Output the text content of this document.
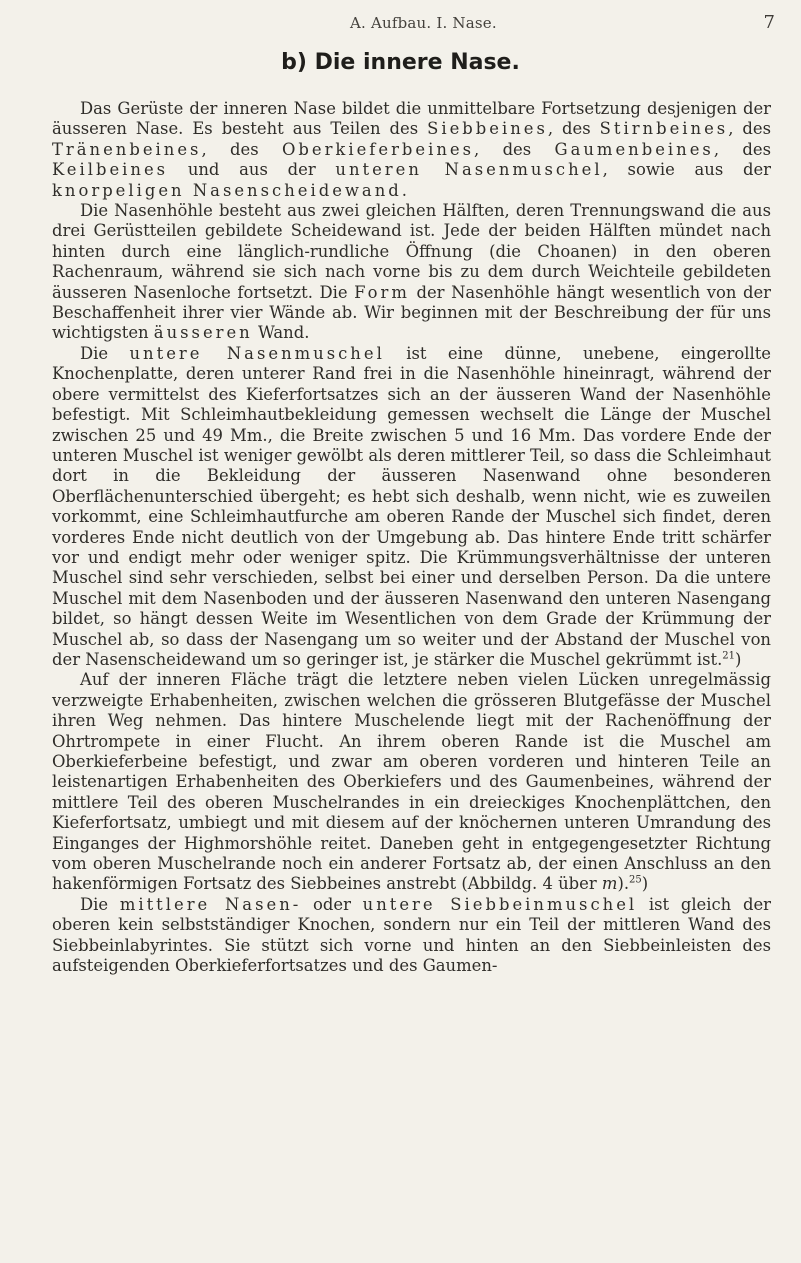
A. Aufbau. I. Nase.	7
b) Die innere Nase.

Das Gerüste der inneren Nase bildet die unmittelbare Fortsetzung desjenigen der äusseren Nase. Es besteht aus Teilen des Siebbeines, des Stirnbeines, des Tränenbeines, des Oberkieferbeines, des Gaumenbeines, des Keilbeines und aus der unteren Nasenmuschel, sowie aus der knorpeligen Nasenscheidewand.

Die Nasenhöhle besteht aus zwei gleichen Hälften, deren Trennungswand die aus drei Gerüstteilen gebildete Scheidewand ist. Jede der beiden Hälften mündet nach hinten durch eine länglich-rundliche Öffnung (die Choanen) in den oberen Rachenraum, während sie sich nach vorne bis zu dem durch Weichteile gebildeten äusseren Nasenloche fortsetzt. Die Form der Nasenhöhle hängt wesentlich von der Beschaffenheit ihrer vier Wände ab. Wir beginnen mit der Beschreibung der für uns wichtigsten äusseren Wand.

Die untere Nasenmuschel ist eine dünne, unebene, eingerollte Knochenplatte, deren unterer Rand frei in die Nasenhöhle hineinragt, während der obere vermittelst des Kieferfortsatzes sich an der äusseren Wand der Nasenhöhle befestigt. Mit Schleimhautbekleidung gemessen wechselt die Länge der Muschel zwischen 25 und 49 Mm., die Breite zwischen 5 und 16 Mm. Das vordere Ende der unteren Muschel ist weniger gewölbt als deren mittlerer Teil, so dass die Schleimhaut dort in die Bekleidung der äusseren Nasenwand ohne besonderen Oberflächenunterschied übergeht; es hebt sich deshalb, wenn nicht, wie es zuweilen vorkommt, eine Schleimhautfurche am oberen Rande der Muschel sich findet, deren vorderes Ende nicht deutlich von der Umgebung ab. Das hintere Ende tritt schärfer vor und endigt mehr oder weniger spitz. Die Krümmungsverhältnisse der unteren Muschel sind sehr verschieden, selbst bei einer und derselben Person. Da die untere Muschel mit dem Nasenboden und der äusseren Nasenwand den unteren Nasengang bildet, so hängt dessen Weite im Wesentlichen von dem Grade der Krümmung der Muschel ab, so dass der Nasengang um so weiter und der Abstand der Muschel von der Nasenscheidewand um so geringer ist, je stärker die Muschel gekrümmt ist.$^{21}$)

Auf der inneren Fläche trägt die letztere neben vielen Lücken unregelmässig verzweigte Erhabenheiten, zwischen welchen die grösseren Blutgefässe der Muschel ihren Weg nehmen. Das hintere Muschelende liegt mit der Rachenöffnung der Ohrtrompete in einer Flucht. An ihrem oberen Rande ist die Muschel am Oberkieferbeine befestigt, und zwar am oberen vorderen und hinteren Teile an leistenartigen Erhabenheiten des Oberkiefers und des Gaumenbeines, während der mittlere Teil des oberen Muschelrandes in ein dreieckiges Knochenplättchen, den Kieferfortsatz, umbiegt und mit diesem auf der knöchernen unteren Umrandung des Einganges der Highmorshöhle reitet. Daneben geht in entgegengesetzter Richtung vom oberen Muschelrande noch ein anderer Fortsatz ab, der einen Anschluss an den hakenförmigen Fortsatz des Siebbeines anstrebt (Abbildg. 4 über m).$^{25}$)

Die mittlere Nasen- oder untere Siebbeinmuschel ist gleich der oberen kein selbstständiger Knochen, sondern nur ein Teil der mittleren Wand des Siebbeinlabyrintes. Sie stützt sich vorne und hinten an den Siebbeinleisten des aufsteigenden Oberkieferfortsatzes und des Gaumen-
